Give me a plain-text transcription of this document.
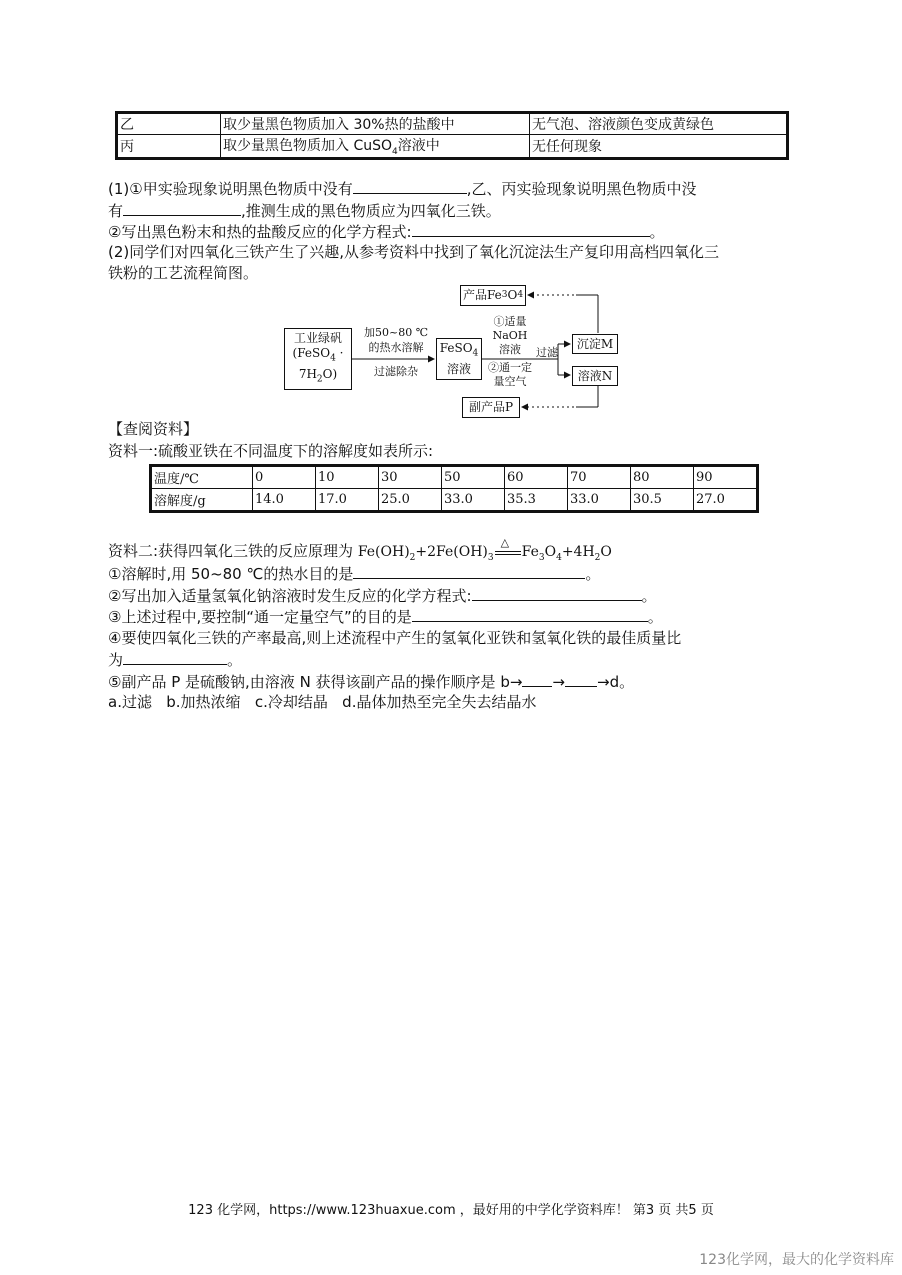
乙	取少量黑色物质加入 30%热的盐酸中	无气泡、溶液颜色变成黄绿色
丙	取少量黑色物质加入 CuSO$_4$溶液中	无任何现象
(1)①甲实验现象说明黑色物质中没有	,乙、丙实验现象说明黑色物质中没
有	,推测生成的黑色物质应为四氧化三铁。
②写出黑色粉末和热的盐酸反应的化学方程式:	。
(2)同学们对四氧化三铁产生了兴趣,从参考资料中找到了氧化沉淀法生产复印用高档四氧化三
铁粉的工艺流程简图。
工业绿矾
(FeSO$_4$ ·
$7H_2O$)
加50~80 ℃
的热水溶解
过滤除杂
FeSO$_4$
溶液
①适量
NaOH
溶液
②通一定
量空气
过滤
沉淀M
溶液N
产品Fe 3 O 4
副产品P
【查阅资料】
资料一:硫酸亚铁在不同温度下的溶解度如表所示:
温度/℃	0	10	30	50	60	70	80	90
溶解度/g	14.0	17.0	25.0	33.0	35.3	33.0	30.5	27.0
资料二:获得四氧化三铁的反应原理为 $Fe(OH)_2+2Fe(OH)_3$
△
$Fe_3O_4+4H_2O$
①溶解时,用 50~80 ℃的热水目的是	。
②写出加入适量氢氧化钠溶液时发生反应的化学方程式:	。
③上述过程中,要控制“通一定量空气”的目的是	。
④要使四氧化三铁的产率最高,则上述流程中产生的氢氧化亚铁和氢氧化铁的最佳质量比
为	。
⑤副产品 P 是硫酸钠,由溶液 N 获得该副产品的操作顺序是 b→ → →d。
a.过滤   b.加热浓缩   c.冷却结晶   d.晶体加热至完全失去结晶水
123 化学网，https://www.123huaxue.com ，最好用的中学化学资料库！ 第3 页 共5 页
123化学网，最大的化学资料库
